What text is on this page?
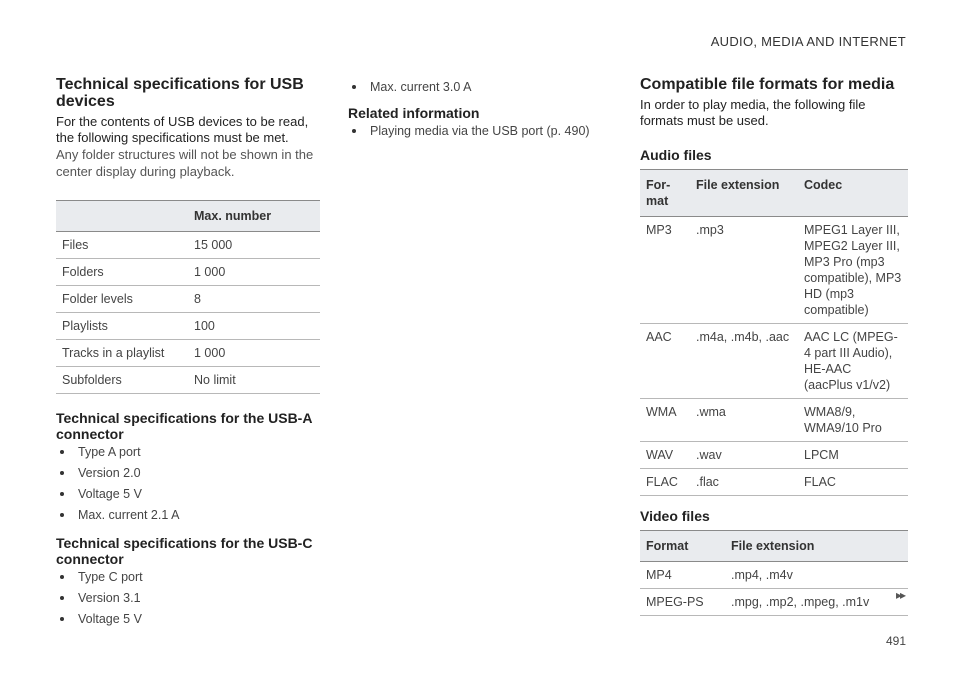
AUDIO, MEDIA AND INTERNET
Technical specifications for USB devices

For the contents of USB devices to be read, the following specifications must be met.

Any folder structures will not be shown in the center display during playback.

	Max. number
Files	15 000
Folders	1 000
Folder levels	8
Playlists	100
Tracks in a playlist	1 000
Subfolders	No limit
Technical specifications for the USB-A connector
Type A port
Version 2.0
Voltage 5 V
Max. current 2.1 A
Technical specifications for the USB-C connector
Type C port
Version 3.1
Voltage 5 V
Max. current 3.0 A
Related information
Playing media via the USB port (p. 490)
Compatible file formats for media

In order to play media, the following file formats must be used.

Audio files
For-mat	File extension	Codec
MP3	.mp3	MPEG1 Layer III, MPEG2 Layer III, MP3 Pro (mp3 compatible), MP3 HD (mp3 compatible)
AAC	.m4a, .m4b, .aac	AAC LC (MPEG-4 part III Audio), HE-AAC (aacPlus v1/v2)
WMA	.wma	WMA8/9, WMA9/10 Pro
WAV	.wav	LPCM
FLAC	.flac	FLAC
Video files
Format	File extension
MP4	.mp4, .m4v
MPEG-PS	.mpg, .mp2, .mpeg, .m1v ▸▸
491
